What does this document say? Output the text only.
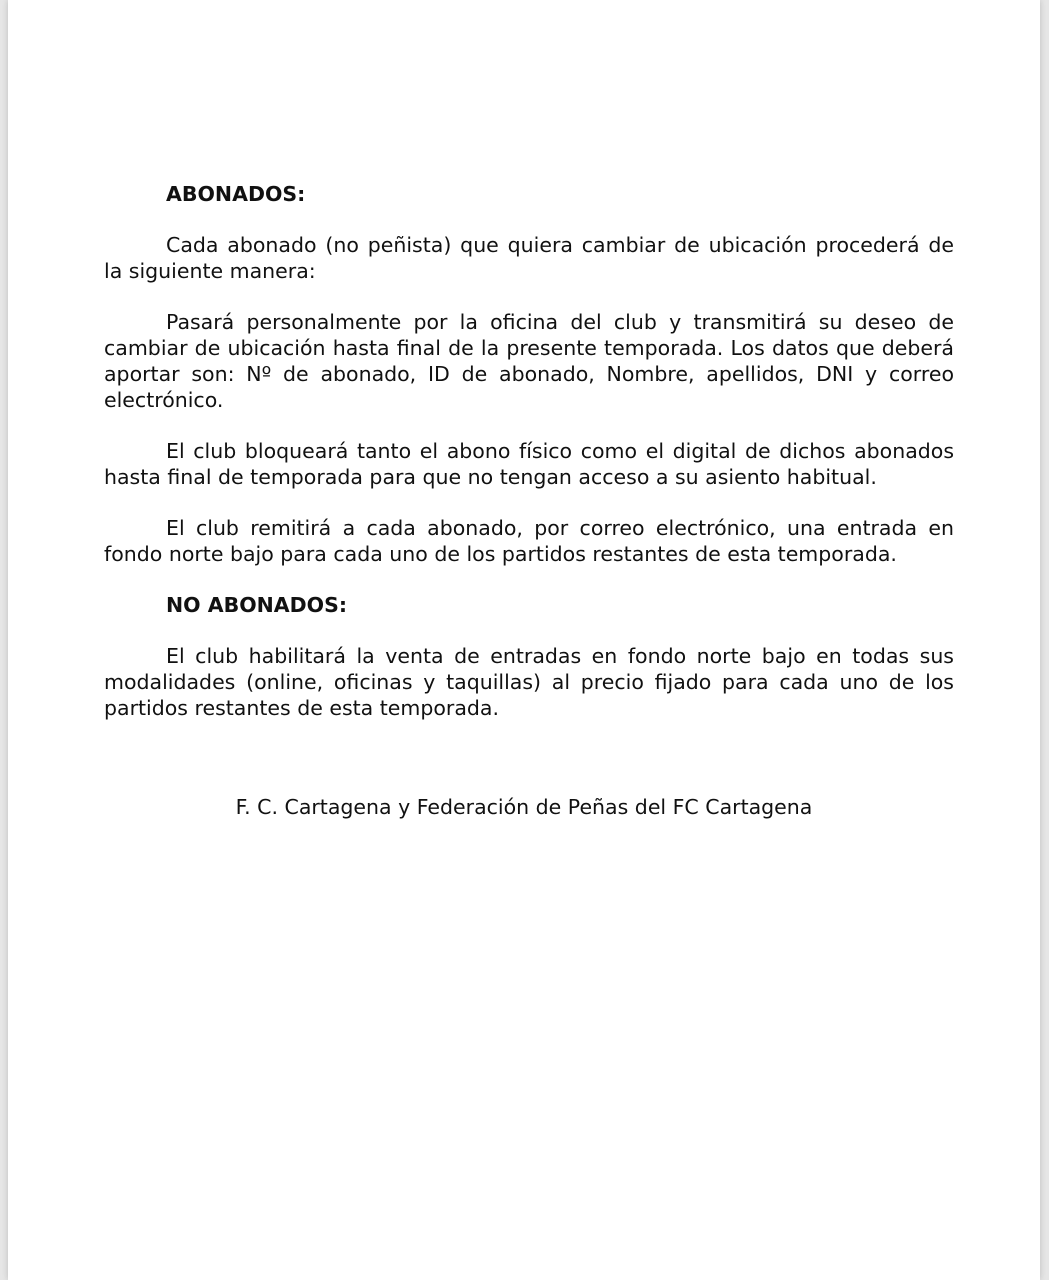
ABONADOS:

Cada abonado (no peñista) que quiera cambiar de ubicación procederá de la siguiente manera:

Pasará personalmente por la oficina del club y transmitirá su deseo de cambiar de ubicación hasta final de la presente temporada. Los datos que deberá aportar son: Nº de abonado, ID de abonado, Nombre, apellidos, DNI y correo electrónico.

El club bloqueará tanto el abono físico como el digital de dichos abonados hasta final de temporada para que no tengan acceso a su asiento habitual.

El club remitirá a cada abonado, por correo electrónico, una entrada en fondo norte bajo para cada uno de los partidos restantes de esta temporada.

NO ABONADOS:

El club habilitará la venta de entradas en fondo norte bajo en todas sus modalidades (online, oficinas y taquillas) al precio fijado para cada uno de los partidos restantes de esta temporada.

F. C. Cartagena y Federación de Peñas del FC Cartagena
